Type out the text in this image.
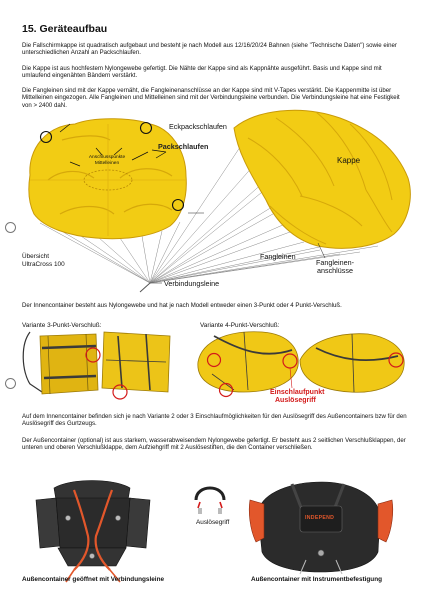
15. Geräteaufbau
Die Fallschirmkappe ist quadratisch aufgebaut und besteht je nach Modell aus 12/16/20/24 Bahnen (siehe "Technische Daten") sowie einer unterschiedlichen Anzahl an Packschlaufen.
Die Kappe ist aus hochfestem Nylongewebe gefertigt. Die Nähte der Kappe sind als Kappnähte ausgeführt. Basis und Kappe sind mit umlaufend eingenähten Bändern verstärkt.
Die Fangleinen sind mit der Kappe vernäht, die Fangleinenanschlüsse an der Kappe sind mit V-Tapes verstärkt. Die Kappenmitte ist über Mittelleinen eingezogen. Alle Fangleinen und Mittelleinen sind mit der Verbindungsleine verbunden. Die Verbindungsleine hat eine Festigkeit von > 2400 daN.
Eckpackschlaufen
Packschlaufen
Anschlusspunkte
Mittelleinen	Kappe
Übersicht
UltraCross 100
Fangleinen
Fangleinen-
anschlüsse
Verbindungsleine
Der Innencontainer besteht aus Nylongewebe und hat je nach Modell entweder einen 3-Punkt oder 4 Punkt-Verschluß.
Variante 3-Punkt-Verschluß:	Variante 4-Punkt-Verschluß:
Einschlaufpunkt
Auslösegriff
Auf dem Innencontainer befinden sich je nach Variante 2 oder 3 Einschlaufmöglichkeiten für den Auslösegriff des Außencontainers bzw für den Auslösegriff des Gurtzeugs.
Der Außencontainer (optional) ist aus starkem, wasserabweisendem Nylongewebe gefertigt. Er besteht aus 2 seitlichen Verschlußklappen, der unteren und oberen Verschlußklappe, dem Aufziehgriff mit 2 Auslösestiften, die den Container verschließen.
Auslösegriff
INDEPEND
Außencontainer geöffnet mit Verbindungsleine	Außencontainer mit Instrumentbefestigung
